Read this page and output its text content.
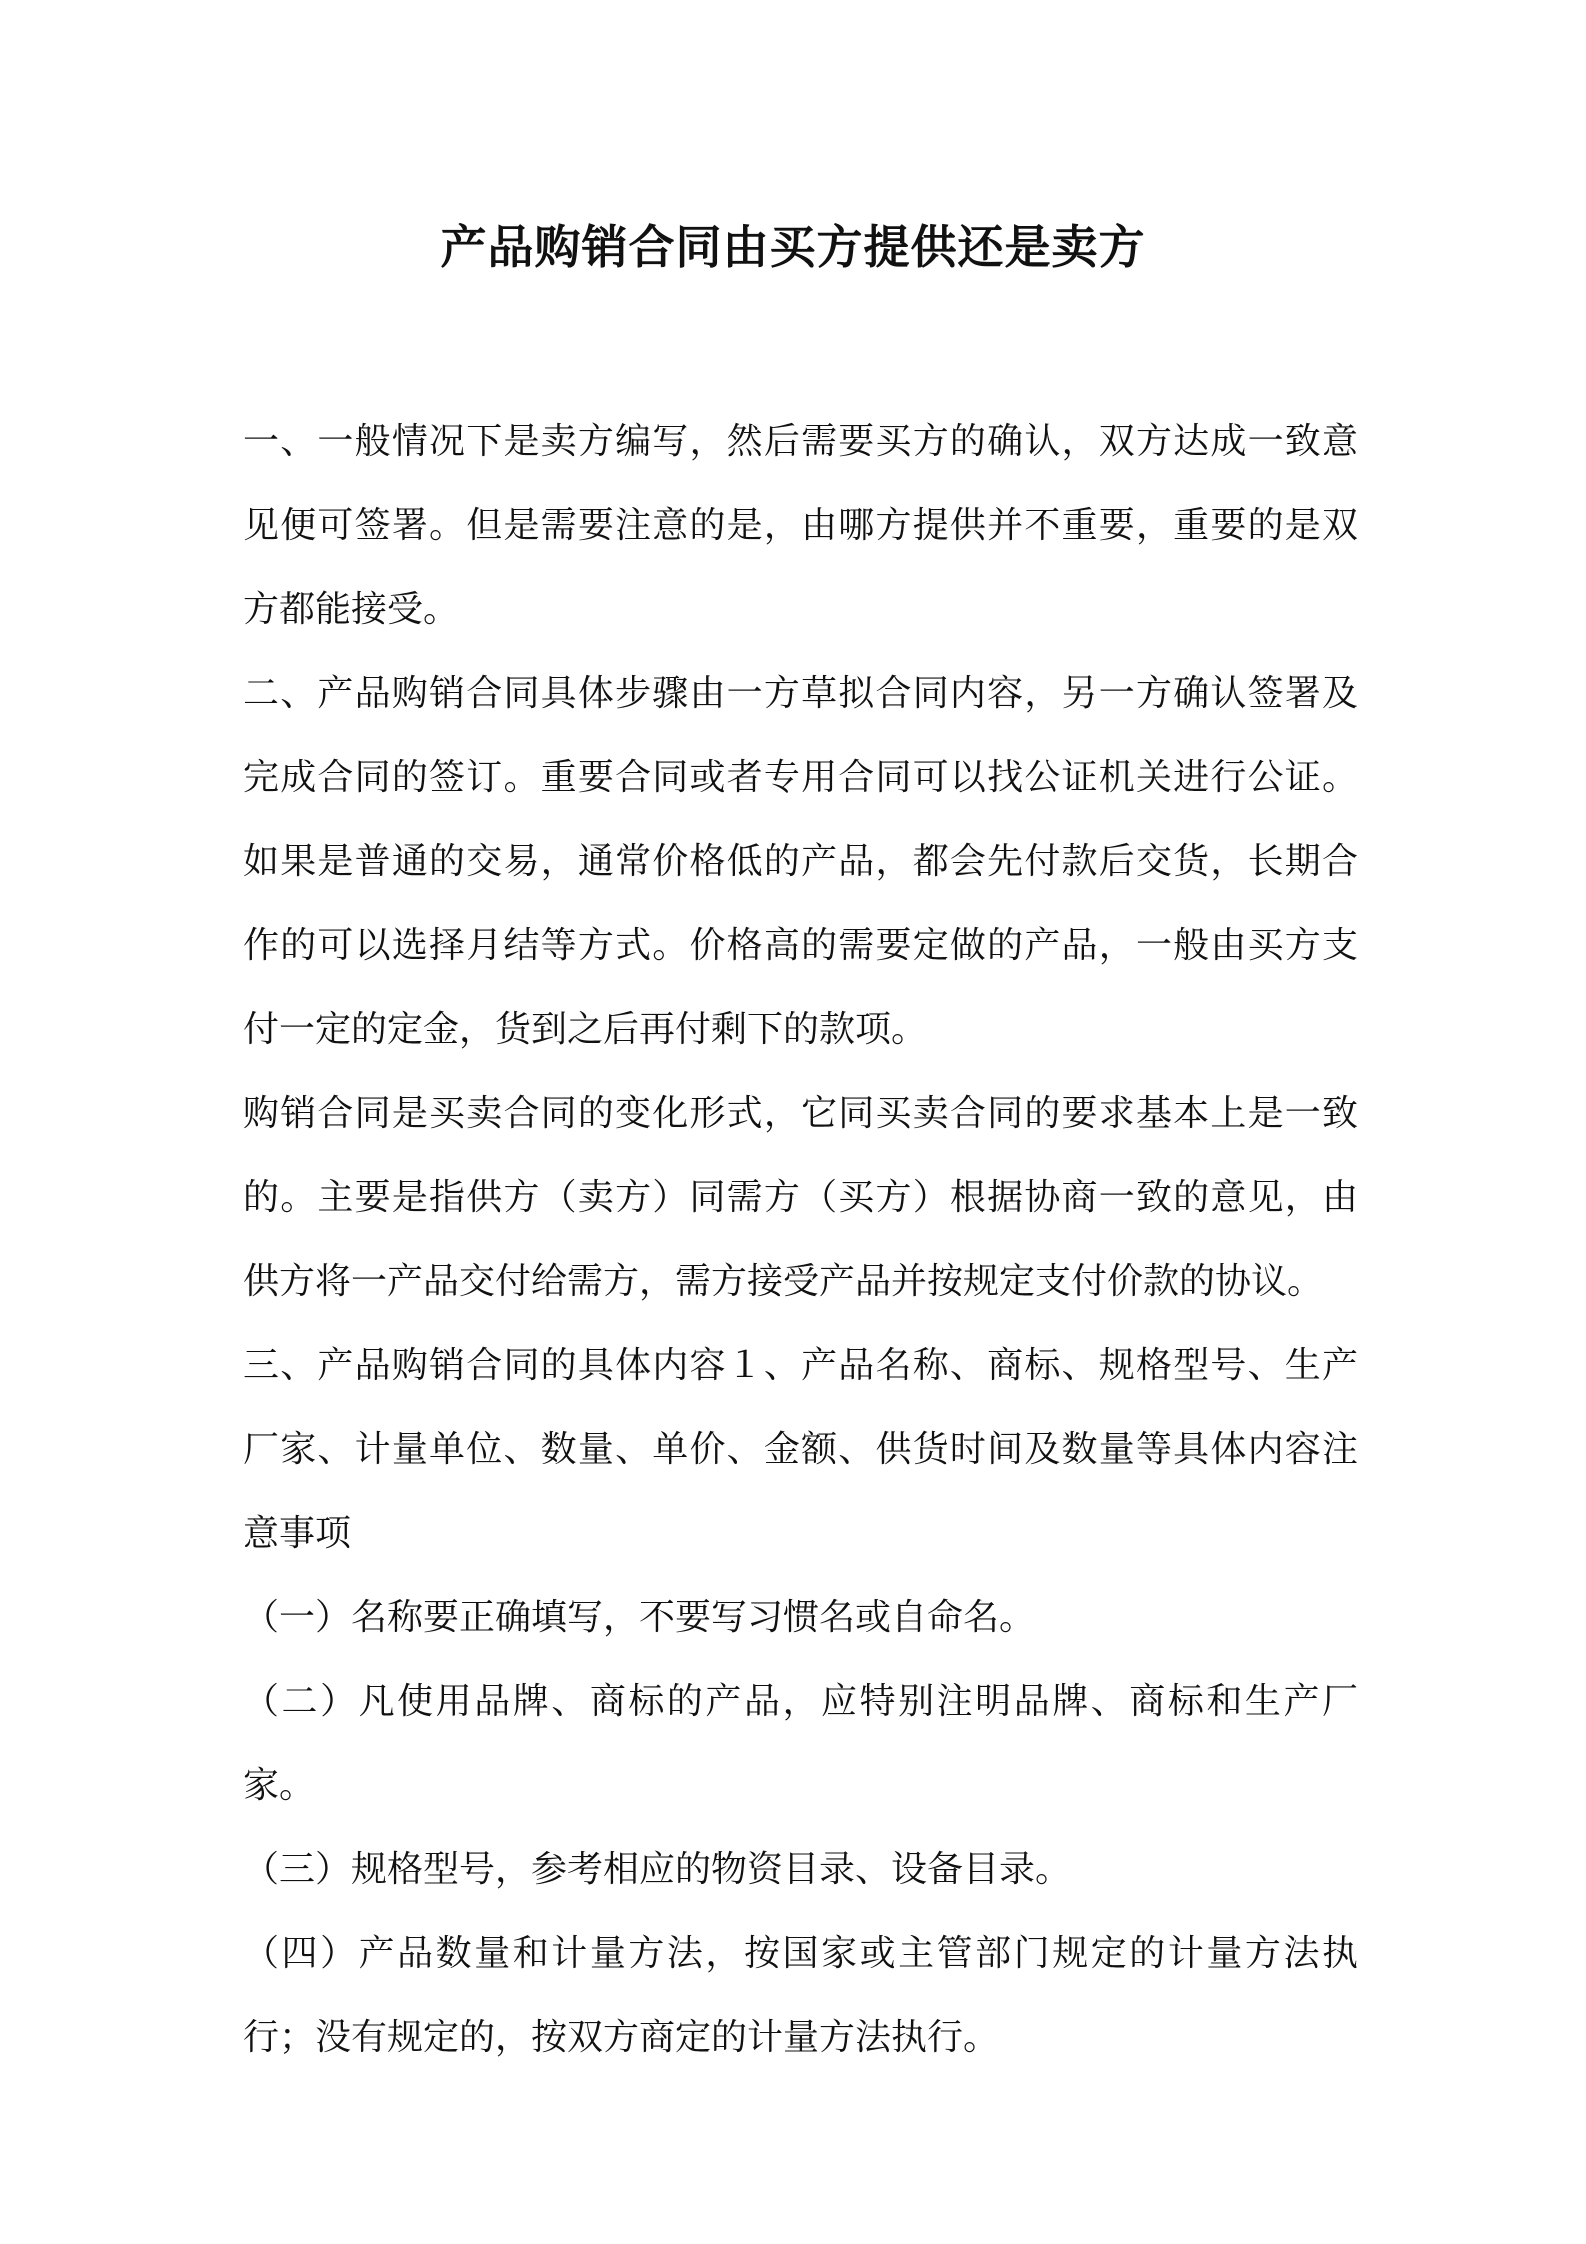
产品购销合同由买方提供还是卖方

一、一般情况下是卖方编写，然后需要买方的确认，双方达成一致意见便可签署。但是需要注意的是，由哪方提供并不重要，重要的是双方都能接受。

二、产品购销合同具体步骤由一方草拟合同内容，另一方确认签署及完成合同的签订。重要合同或者专用合同可以找公证机关进行公证。如果是普通的交易，通常价格低的产品，都会先付款后交货，长期合作的可以选择月结等方式。价格高的需要定做的产品，一般由买方支付一定的定金，货到之后再付剩下的款项。

购销合同是买卖合同的变化形式，它同买卖合同的要求基本上是一致的。主要是指供方（卖方）同需方（买方）根据协商一致的意见，由供方将一产品交付给需方，需方接受产品并按规定支付价款的协议。

三、产品购销合同的具体内容１、产品名称、商标、规格型号、生产厂家、计量单位、数量、单价、金额、供货时间及数量等具体内容注意事项

（一）名称要正确填写，不要写习惯名或自命名。

（二）凡使用品牌、商标的产品，应特别注明品牌、商标和生产厂家。

（三）规格型号，参考相应的物资目录、设备目录。

（四）产品数量和计量方法，按国家或主管部门规定的计量方法执行；没有规定的，按双方商定的计量方法执行。
